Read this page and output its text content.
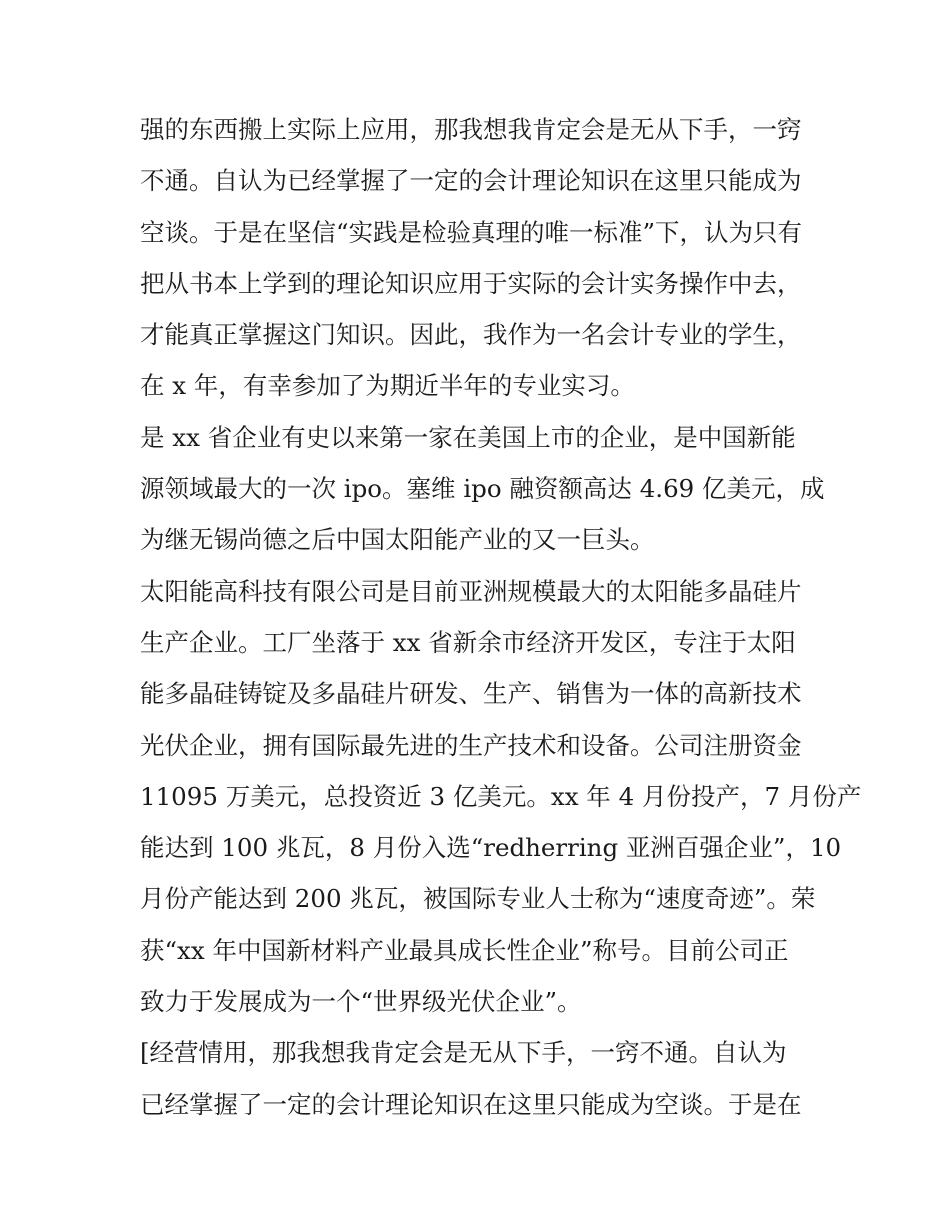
强的东西搬上实际上应用，那我想我肯定会是无从下手，一窍
不通。自认为已经掌握了一定的会计理论知识在这里只能成为
空谈。于是在坚信“实践是检验真理的唯一标准”下，认为只有
把从书本上学到的理论知识应用于实际的会计实务操作中去，
才能真正掌握这门知识。因此，我作为一名会计专业的学生，
在 x 年，有幸参加了为期近半年的专业实习。
是 xx 省企业有史以来第一家在美国上市的企业，是中国新能
源领域最大的一次 ipo。塞维 ipo 融资额高达 4.69 亿美元，成
为继无锡尚德之后中国太阳能产业的又一巨头。
太阳能高科技有限公司是目前亚洲规模最大的太阳能多晶硅片
生产企业。工厂坐落于 xx 省新余市经济开发区，专注于太阳
能多晶硅铸锭及多晶硅片研发、生产、销售为一体的高新技术
光伏企业，拥有国际最先进的生产技术和设备。公司注册资金
11095 万美元，总投资近 3 亿美元。xx 年 4 月份投产，7 月份产
能达到 100 兆瓦，8 月份入选“redherring 亚洲百强企业”，10
月份产能达到 200 兆瓦，被国际专业人士称为“速度奇迹”。荣
获“xx 年中国新材料产业最具成长性企业”称号。目前公司正
致力于发展成为一个“世界级光伏企业”。
[经营情用，那我想我肯定会是无从下手，一窍不通。自认为
已经掌握了一定的会计理论知识在这里只能成为空谈。于是在
